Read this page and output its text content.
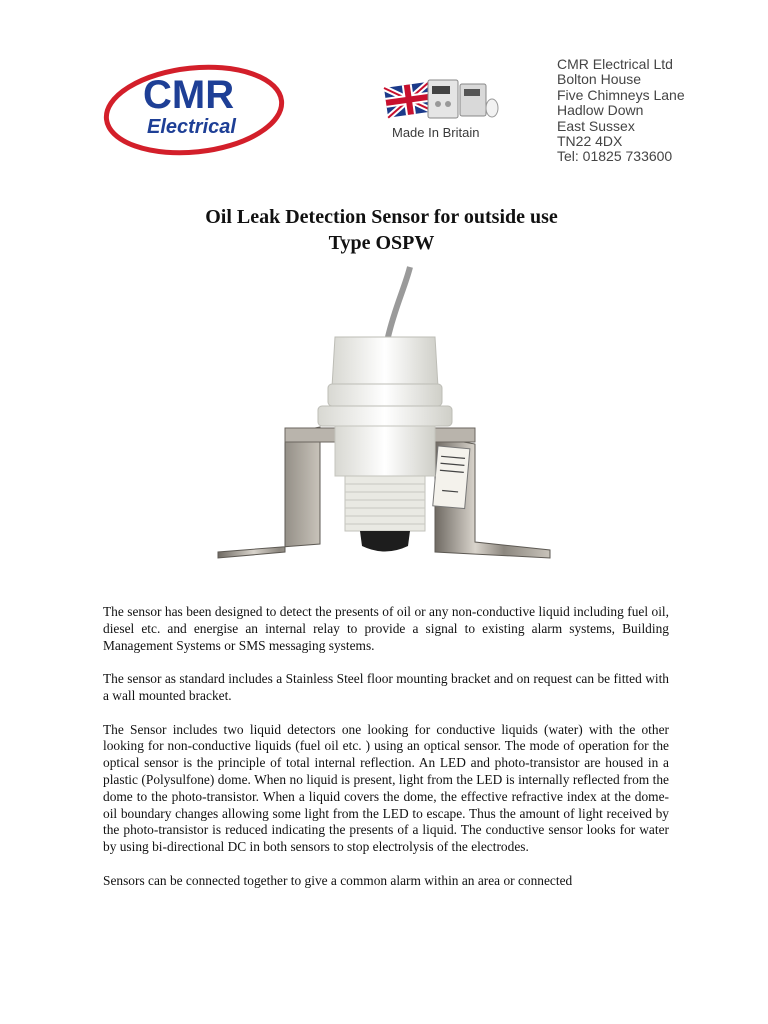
CMR
Electrical	Made In Britain
CMR Electrical Ltd
Bolton House
Five Chimneys Lane
Hadlow Down
East Sussex
TN22 4DX
Tel: 01825 733600
Oil Leak Detection Sensor for outside use
Type OSPW

The sensor has been designed to detect the presents of oil or any non-conductive liquid including fuel oil, diesel etc. and energise an internal relay to provide a signal to existing alarm systems, Building Management Systems or SMS messaging systems.

The sensor as standard includes a Stainless Steel floor mounting bracket and on request can be fitted with a wall mounted bracket.

The Sensor includes two liquid detectors one looking for conductive liquids (water) with the other looking for non-conductive liquids (fuel oil etc. ) using an optical sensor. The mode of operation for the optical sensor is the principle of total internal reflection. An LED and photo-transistor are housed in a plastic (Polysulfone) dome. When no liquid is present, light from the LED is internally reflected from the dome to the photo-transistor. When a liquid covers the dome, the effective refractive index at the dome-oil boundary changes allowing some light from the LED to escape. Thus the amount of light received by the photo-transistor is reduced indicating the presents of a liquid. The conductive sensor looks for water by using bi-directional DC in both sensors to stop electrolysis of the electrodes.

Sensors can be connected together to give a common alarm within an area or connected
